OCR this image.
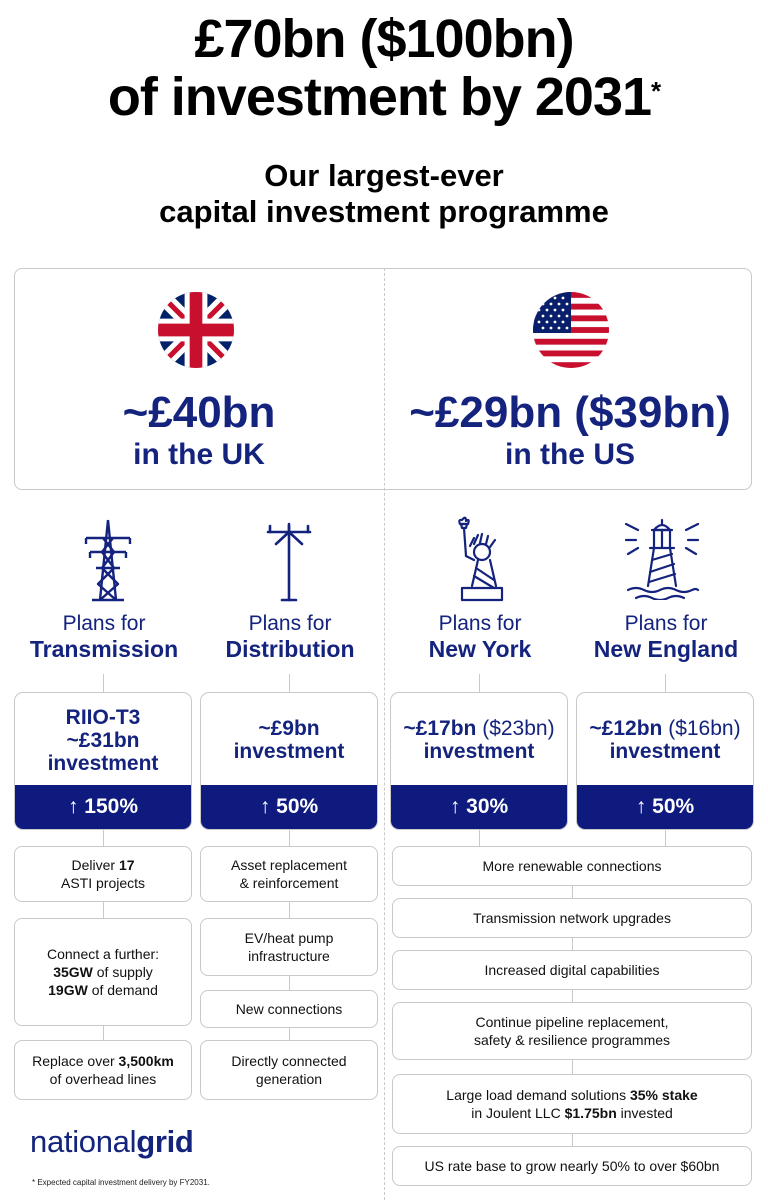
£70bn ($100bn)
of investment by 2031*
Our largest-ever
capital investment programme
~£40bn
in the UK
~£29bn ($39bn)
in the US
Plans for
Transmission
Plans for
Distribution
Plans for
New York
Plans for
New England
RIIO-T3
~£31bn
investment
↑ 150%
~£9bn
investment
↑ 50%
~£17bn ($23bn)
investment
↑ 30%
~£12bn ($16bn)
investment
↑ 50%
Deliver 17
ASTI projects
Connect a further:
35GW of supply
19GW of demand
Replace over 3,500km
of overhead lines
Asset replacement
& reinforcement
EV/heat pump
infrastructure
New connections
Directly connected
generation
More renewable connections
Transmission network upgrades
Increased digital capabilities
Continue pipeline replacement,
safety & resilience programmes
Large load demand solutions 35% stake
in Joulent LLC $1.75bn invested
US rate base to grow nearly 50% to over $60bn
nationalgrid
* Expected capital investment delivery by FY2031.
